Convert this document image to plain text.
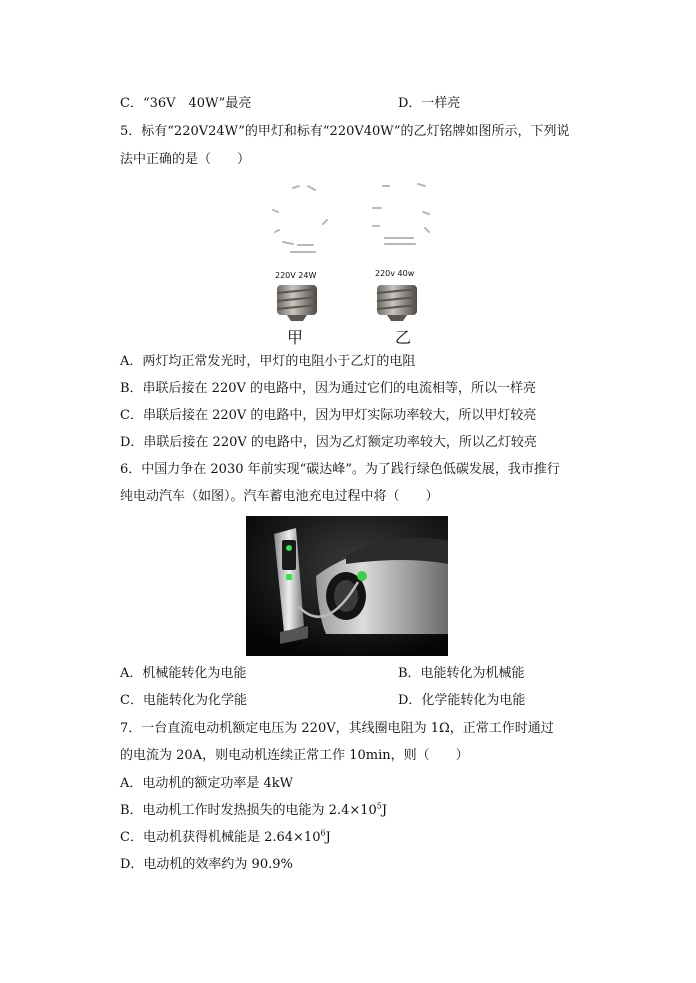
C．“36V　40W”最亮	D．一样亮
5．标有“220V24W”的甲灯和标有“220V40W”的乙灯铭牌如图所示，下列说
法中正确的是（　　）
220V 24W
甲
220v 40w
乙
A．两灯均正常发光时，甲灯的电阻小于乙灯的电阻
B．串联后接在 220V 的电路中，因为通过它们的电流相等，所以一样亮
C．串联后接在 220V 的电路中，因为甲灯实际功率较大，所以甲灯较亮
D．串联后接在 220V 的电路中，因为乙灯额定功率较大，所以乙灯较亮
6．中国力争在 2030 年前实现“碳达峰”。为了践行绿色低碳发展，我市推行
纯电动汽车（如图）。汽车蓄电池充电过程中将（　　）
A．机械能转化为电能	B．电能转化为机械能
C．电能转化为化学能	D．化学能转化为电能
7．一台直流电动机额定电压为 220V，其线圈电阻为 1Ω，正常工作时通过
的电流为 20A，则电动机连续正常工作 10min，则（　　）
A．电动机的额定功率是 4kW
B．电动机工作时发热损失的电能为 $2.4\times 10^5J$
C．电动机获得机械能是 $2.64\times 10^6J$
D．电动机的效率约为 90.9%
